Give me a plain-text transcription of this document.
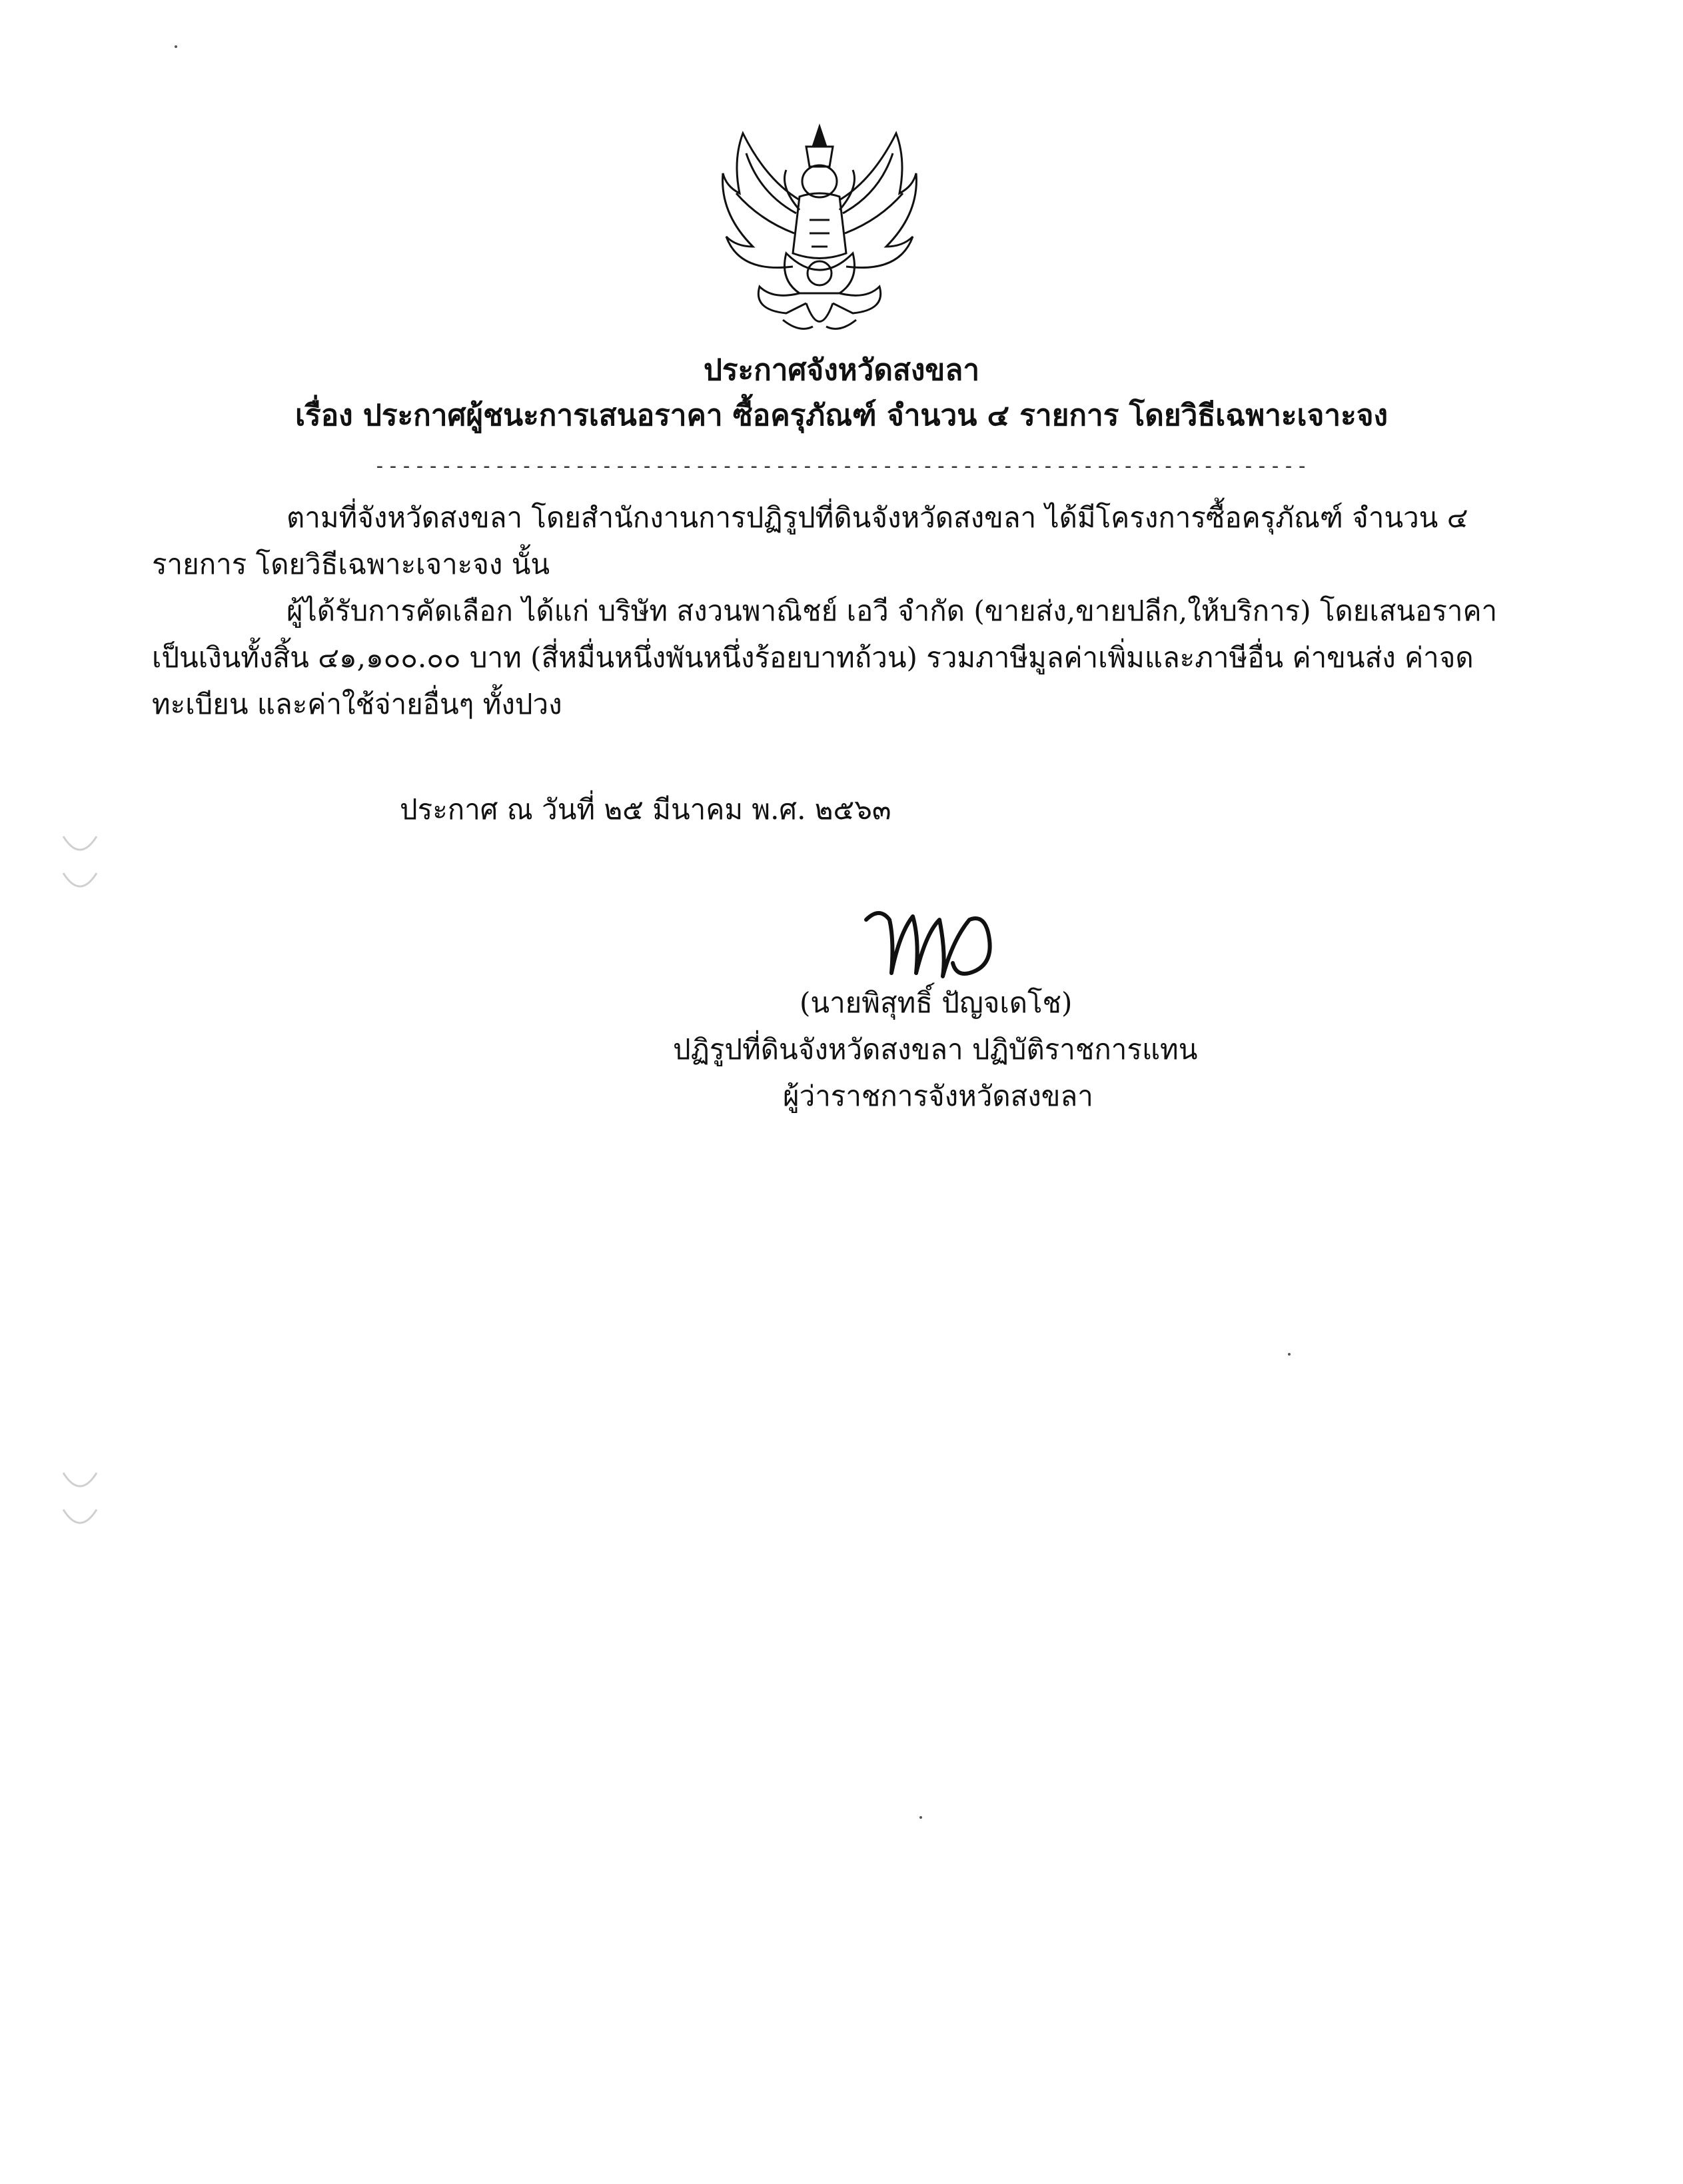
ประกาศจังหวัดสงขลา
เรื่อง ประกาศผู้ชนะการเสนอราคา ซื้อครุภัณฑ์ จำนวน ๔ รายการ โดยวิธีเฉพาะเจาะจง
----------------------------------------------------------------------
ตามที่จังหวัดสงขลา โดยสำนักงานการปฏิรูปที่ดินจังหวัดสงขลา ได้มีโครงการซื้อครุภัณฑ์ จำนวน ๔
รายการ โดยวิธีเฉพาะเจาะจง นั้น
ผู้ได้รับการคัดเลือก ได้แก่ บริษัท สงวนพาณิชย์ เอวี จำกัด (ขายส่ง,ขายปลีก,ให้บริการ) โดยเสนอราคา
เป็นเงินทั้งสิ้น ๔๑,๑๐๐.๐๐ บาท (สี่หมื่นหนึ่งพันหนึ่งร้อยบาทถ้วน) รวมภาษีมูลค่าเพิ่มและภาษีอื่น ค่าขนส่ง ค่าจด
ทะเบียน และค่าใช้จ่ายอื่นๆ ทั้งปวง
ประกาศ ณ วันที่ ๒๕ มีนาคม พ.ศ. ๒๕๖๓
(นายพิสุทธิ์ ปัญจเดโช)
ปฏิรูปที่ดินจังหวัดสงขลา ปฏิบัติราชการแทน
ผู้ว่าราชการจังหวัดสงขลา
